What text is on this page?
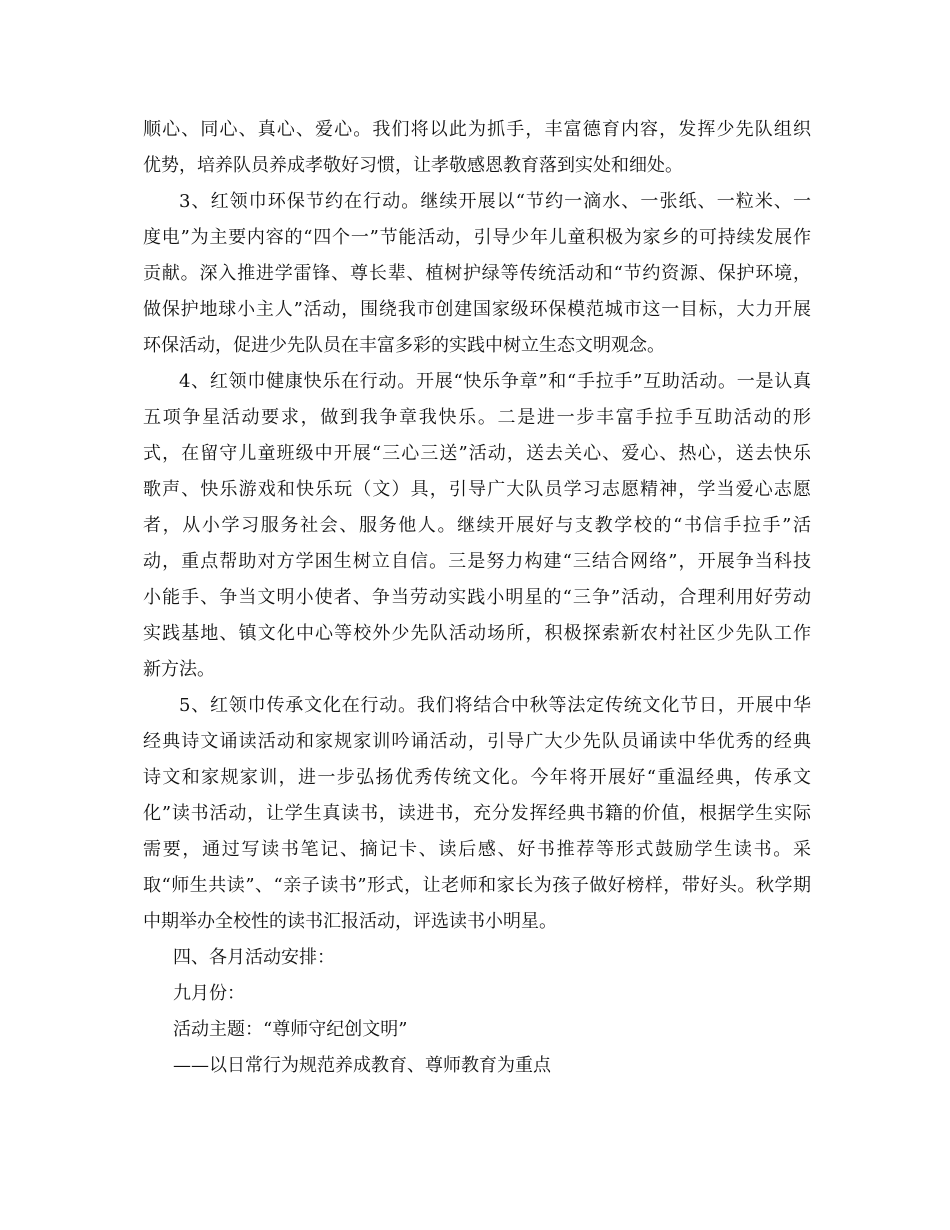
顺心、同心、真心、爱心。我们将以此为抓手，丰富德育内容，发挥少先队组织
优势，培养队员养成孝敬好习惯，让孝敬感恩教育落到实处和细处。
3、红领巾环保节约在行动。继续开展以“节约一滴水、一张纸、一粒米、一
度电”为主要内容的“四个一”节能活动，引导少年儿童积极为家乡的可持续发展作
贡献。深入推进学雷锋、尊长辈、植树护绿等传统活动和“节约资源、保护环境，
做保护地球小主人”活动，围绕我市创建国家级环保模范城市这一目标，大力开展
环保活动，促进少先队员在丰富多彩的实践中树立生态文明观念。
4、红领巾健康快乐在行动。开展“快乐争章”和“手拉手”互助活动。一是认真
五项争星活动要求，做到我争章我快乐。二是进一步丰富手拉手互助活动的形
式，在留守儿童班级中开展“三心三送”活动，送去关心、爱心、热心，送去快乐
歌声、快乐游戏和快乐玩（文）具，引导广大队员学习志愿精神，学当爱心志愿
者，从小学习服务社会、服务他人。继续开展好与支教学校的“书信手拉手”活
动，重点帮助对方学困生树立自信。三是努力构建“三结合网络”，开展争当科技
小能手、争当文明小使者、争当劳动实践小明星的“三争”活动，合理利用好劳动
实践基地、镇文化中心等校外少先队活动场所，积极探索新农村社区少先队工作
新方法。
5、红领巾传承文化在行动。我们将结合中秋等法定传统文化节日，开展中华
经典诗文诵读活动和家规家训吟诵活动，引导广大少先队员诵读中华优秀的经典
诗文和家规家训，进一步弘扬优秀传统文化。今年将开展好“重温经典，传承文
化”读书活动，让学生真读书，读进书，充分发挥经典书籍的价值，根据学生实际
需要，通过写读书笔记、摘记卡、读后感、好书推荐等形式鼓励学生读书。采
取“师生共读”、“亲子读书”形式，让老师和家长为孩子做好榜样，带好头。秋学期
中期举办全校性的读书汇报活动，评选读书小明星。
四、各月活动安排：
九月份：
活动主题：“尊师守纪创文明”
——以日常行为规范养成教育、尊师教育为重点
